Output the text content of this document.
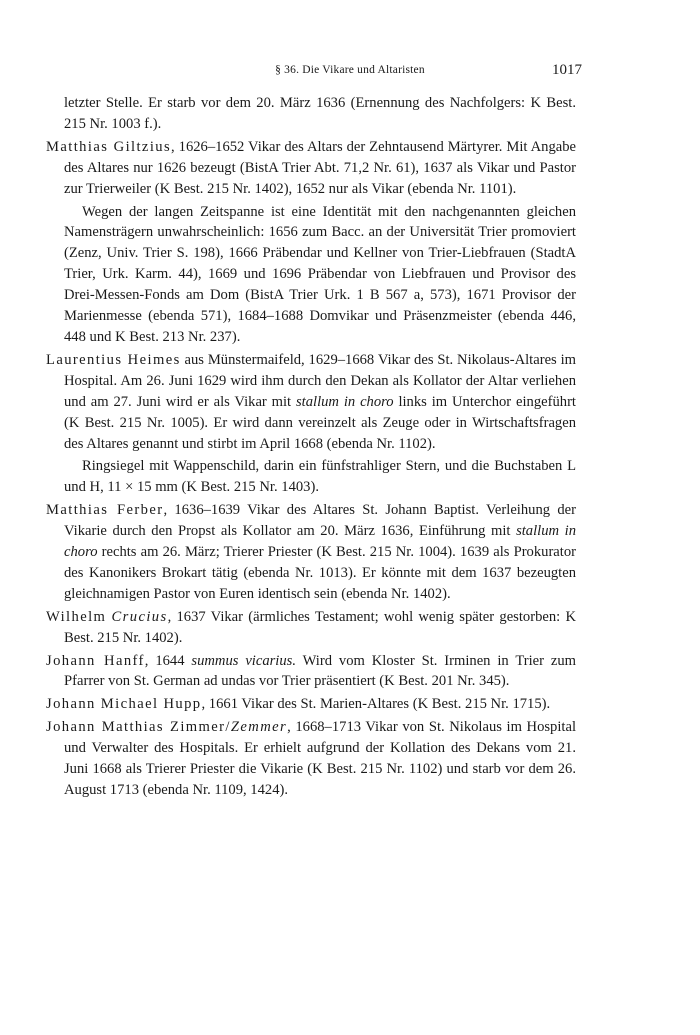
§ 36. Die Vikare und Altaristen	1017

letzter Stelle. Er starb vor dem 20. März 1636 (Ernennung des Nachfolgers: K Best. 215 Nr. 1003 f.).

Matthias Giltzius, 1626–1652 Vikar des Altars der Zehntausend Märtyrer. Mit Angabe des Altares nur 1626 bezeugt (BistA Trier Abt. 71,2 Nr. 61), 1637 als Vikar und Pastor zur Trierweiler (K Best. 215 Nr. 1402), 1652 nur als Vikar (ebenda Nr. 1101).

Wegen der langen Zeitspanne ist eine Identität mit den nachgenannten gleichen Namensträgern unwahrscheinlich: 1656 zum Bacc. an der Universität Trier promoviert (Zenz, Univ. Trier S. 198), 1666 Präbendar und Kellner von Trier-Liebfrauen (StadtA Trier, Urk. Karm. 44), 1669 und 1696 Präbendar von Liebfrauen und Provisor des Drei-Messen-Fonds am Dom (BistA Trier Urk. 1 B 567 a, 573), 1671 Provisor der Marienmesse (ebenda 571), 1684–1688 Domvikar und Präsenzmeister (ebenda 446, 448 und K Best. 213 Nr. 237).

Laurentius Heimes aus Münstermaifeld, 1629–1668 Vikar des St. Nikolaus-Altares im Hospital. Am 26. Juni 1629 wird ihm durch den Dekan als Kollator der Altar verliehen und am 27. Juni wird er als Vikar mit stallum in choro links im Unterchor eingeführt (K Best. 215 Nr. 1005). Er wird dann vereinzelt als Zeuge oder in Wirtschaftsfragen des Altares genannt und stirbt im April 1668 (ebenda Nr. 1102).

Ringsiegel mit Wappenschild, darin ein fünfstrahliger Stern, und die Buchstaben L und H, 11 × 15 mm (K Best. 215 Nr. 1403).

Matthias Ferber, 1636–1639 Vikar des Altares St. Johann Baptist. Verleihung der Vikarie durch den Propst als Kollator am 20. März 1636, Einführung mit stallum in choro rechts am 26. März; Trierer Priester (K Best. 215 Nr. 1004). 1639 als Prokurator des Kanonikers Brokart tätig (ebenda Nr. 1013). Er könnte mit dem 1637 bezeugten gleichnamigen Pastor von Euren identisch sein (ebenda Nr. 1402).

Wilhelm Crucius, 1637 Vikar (ärmliches Testament; wohl wenig später gestorben: K Best. 215 Nr. 1402).

Johann Hanff, 1644 summus vicarius. Wird vom Kloster St. Irminen in Trier zum Pfarrer von St. German ad undas vor Trier präsentiert (K Best. 201 Nr. 345).

Johann Michael Hupp, 1661 Vikar des St. Marien-Altares (K Best. 215 Nr. 1715).

Johann Matthias Zimmer/Zemmer, 1668–1713 Vikar von St. Nikolaus im Hospital und Verwalter des Hospitals. Er erhielt aufgrund der Kollation des Dekans vom 21. Juni 1668 als Trierer Priester die Vikarie (K Best. 215 Nr. 1102) und starb vor dem 26. August 1713 (ebenda Nr. 1109, 1424).
